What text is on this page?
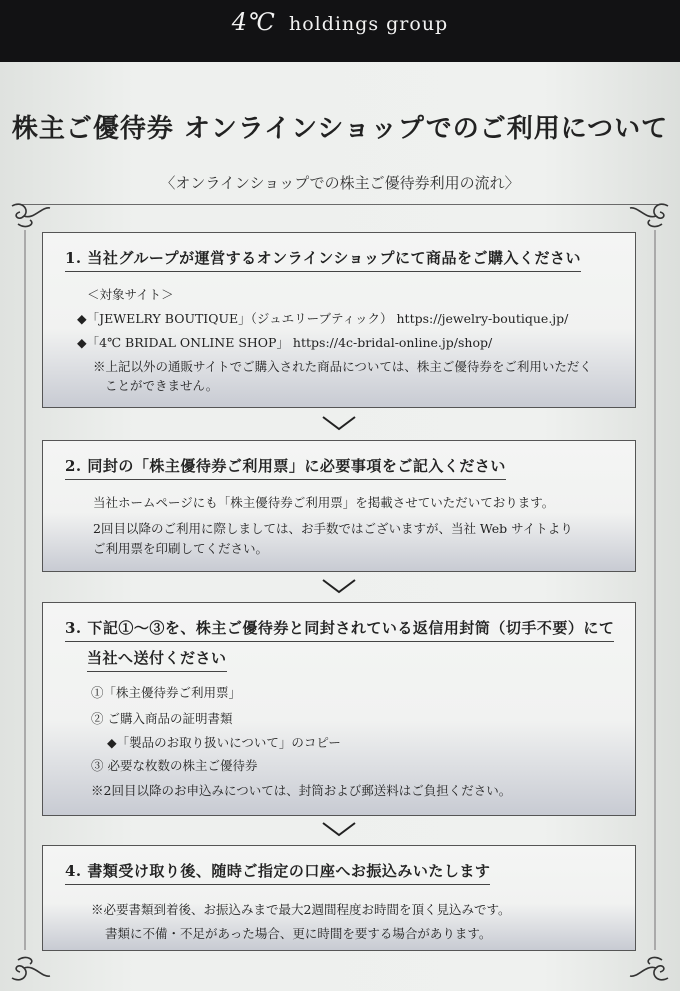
4℃ holdings group
株主ご優待券 オンラインショップでのご利用について
〈オンラインショップでの株主ご優待券利用の流れ〉
1. 当社グループが運営するオンラインショップにて商品をご購入ください
＜対象サイト＞
◆「JEWELRY BOUTIQUE」（ジュエリーブティック） https://jewelry-boutique.jp/
◆「4℃ BRIDAL ONLINE SHOP」 https://4c-bridal-online.jp/shop/
※上記以外の通販サイトでご購入された商品については、株主ご優待券をご利用いただく
ことができません。
2. 同封の「株主優待券ご利用票」に必要事項をご記入ください
当社ホームページにも「株主優待券ご利用票」を掲載させていただいております。
2回目以降のご利用に際しましては、お手数ではございますが、当社 Web サイトより
ご利用票を印刷してください。
3. 下記①～③を、株主ご優待券と同封されている返信用封筒（切手不要）にて
当社へ送付ください
①「株主優待券ご利用票」
② ご購入商品の証明書類
◆「製品のお取り扱いについて」のコピー
③ 必要な枚数の株主ご優待券
※2回目以降のお申込みについては、封筒および郵送料はご負担ください。
4. 書類受け取り後、随時ご指定の口座へお振込みいたします
※必要書類到着後、お振込みまで最大2週間程度お時間を頂く見込みです。
書類に不備・不足があった場合、更に時間を要する場合があります。
